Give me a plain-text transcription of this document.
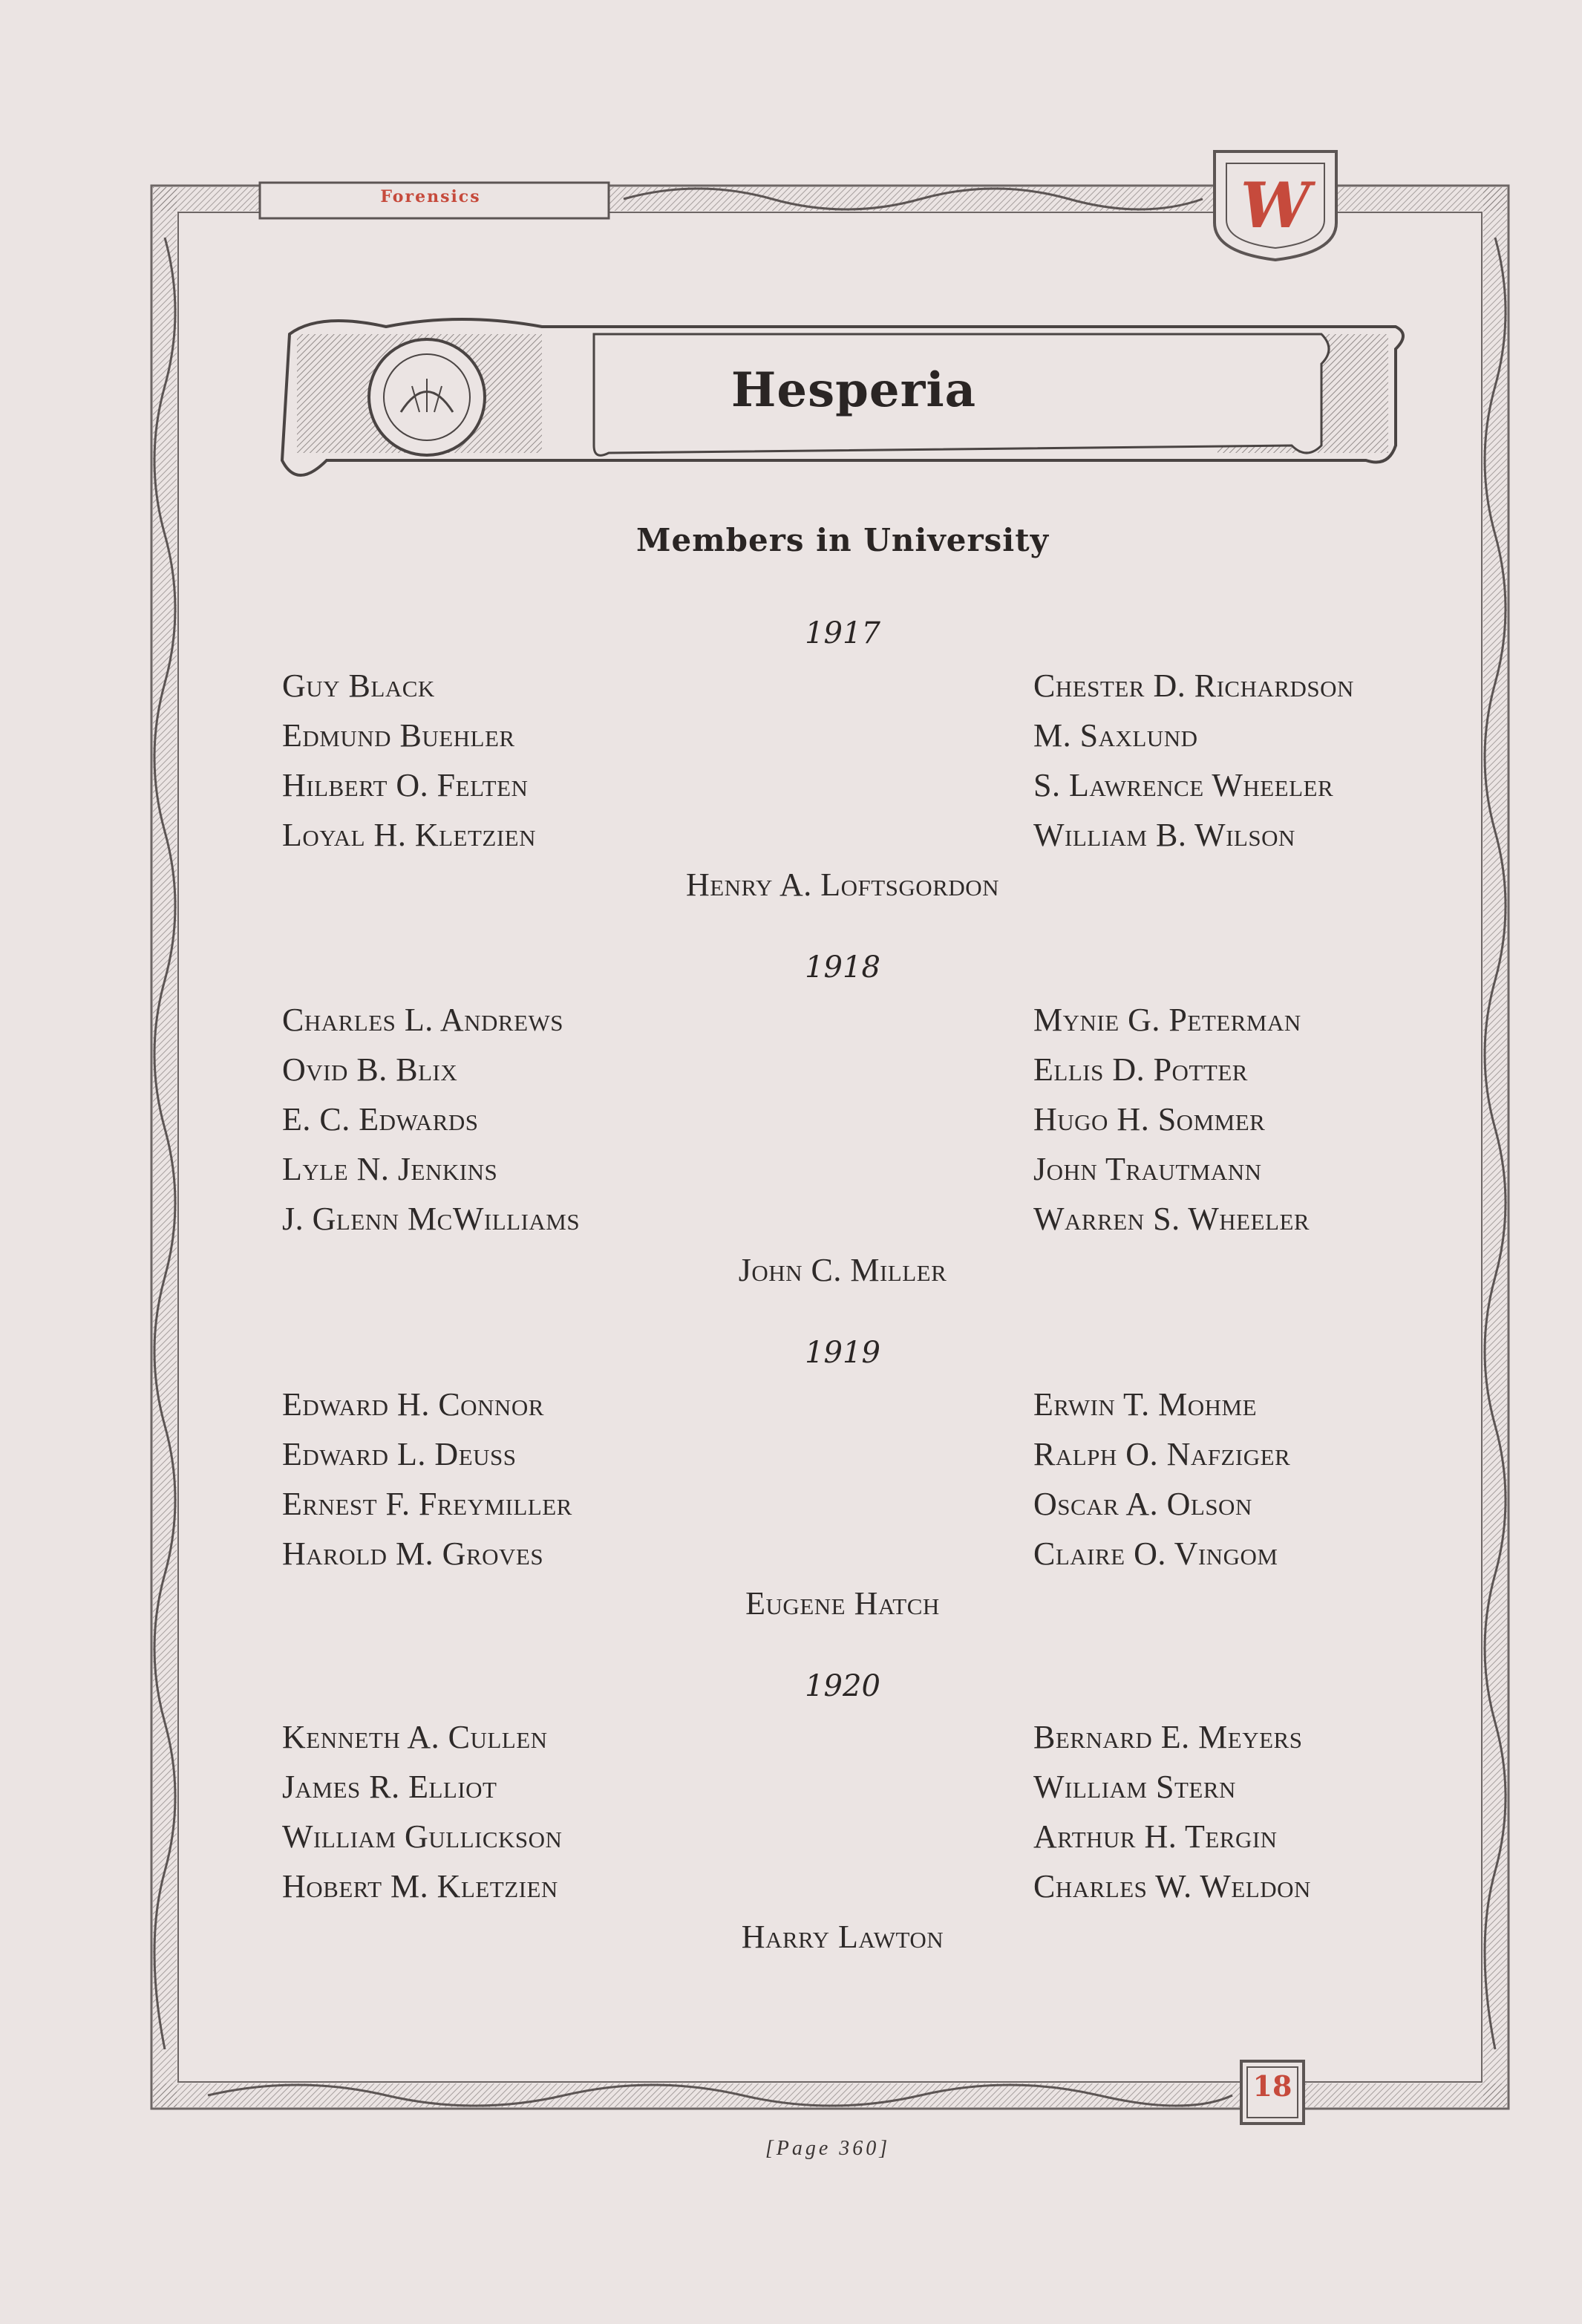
Forensics	W
Hesperia
Members in University
1917
Guy Black
Edmund Buehler
Hilbert O. Felten
Loyal H. Kletzien
Chester D. Richardson
M. Saxlund
S. Lawrence Wheeler
William B. Wilson
Henry A. Loftsgordon
1918
Charles L. Andrews
Ovid B. Blix
E. C. Edwards
Lyle N. Jenkins
J. Glenn McWilliams
Mynie G. Peterman
Ellis D. Potter
Hugo H. Sommer
John Trautmann
Warren S. Wheeler
John C. Miller
1919
Edward H. Connor
Edward L. Deuss
Ernest F. Freymiller
Harold M. Groves
Erwin T. Mohme
Ralph O. Nafziger
Oscar A. Olson
Claire O. Vingom
Eugene Hatch
1920
Kenneth A. Cullen
James R. Elliot
William Gullickson
Hobert M. Kletzien
Bernard E. Meyers
William Stern
Arthur H. Tergin
Charles W. Weldon
Harry Lawton
18
[Page 360]
